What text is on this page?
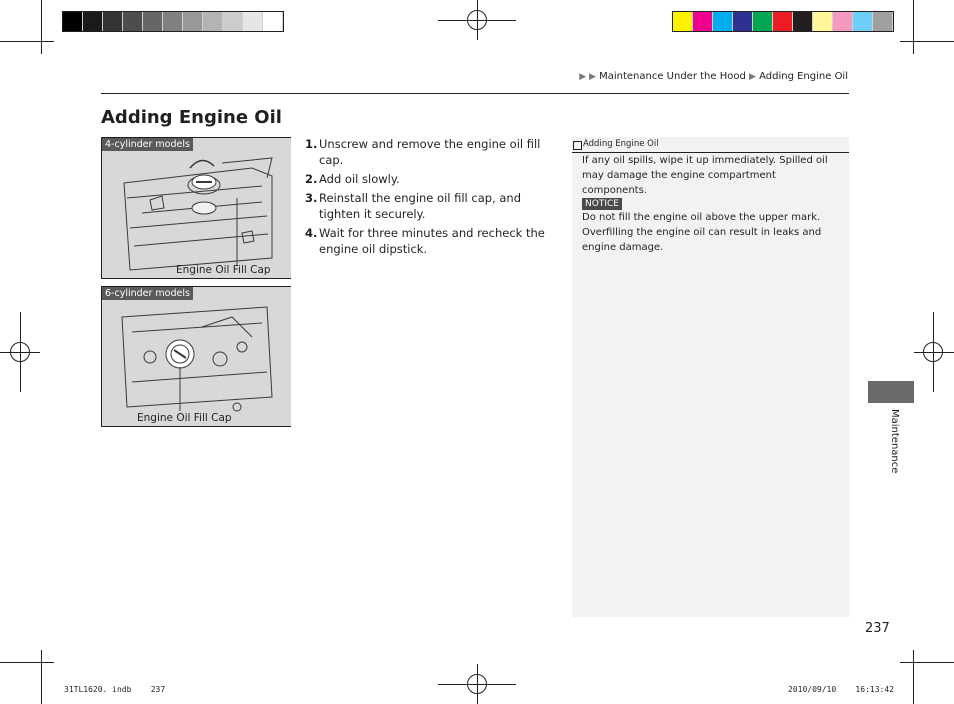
▶ ▶ Maintenance Under the Hood ▶ Adding Engine Oil
Adding Engine Oil
4-cylinder models
Engine Oil Fill Cap
6-cylinder models
Engine Oil Fill Cap
1. Unscrew and remove the engine oil fill cap.
2. Add oil slowly.
3. Reinstall the engine oil fill cap, and tighten it securely.
4. Wait for three minutes and recheck the engine oil dipstick.
Adding Engine Oil
If any oil spills, wipe it up immediately. Spilled oil may damage the engine compartment components.
NOTICE
Do not fill the engine oil above the upper mark. Overfilling the engine oil can result in leaks and engine damage.
Maintenance
237
31TL1620. indb    237	2010/09/10    16:13:42
